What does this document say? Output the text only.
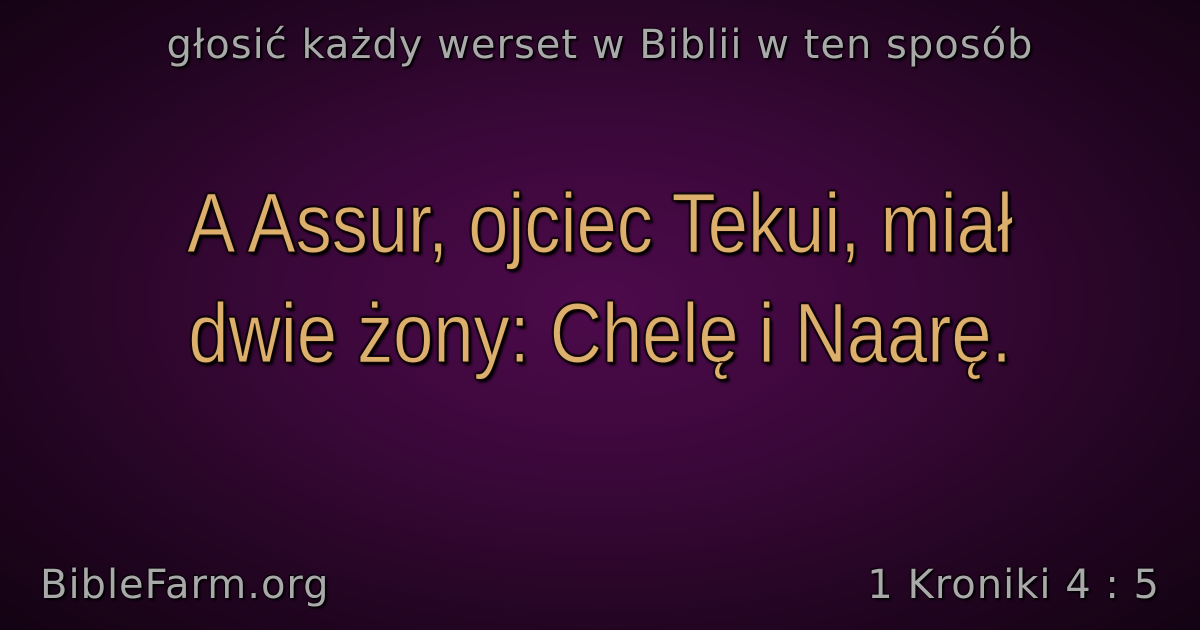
głosić każdy werset w Biblii w ten sposób
A Assur, ojciec Tekui, miał
dwie żony: Chelę i Naarę.
BibleFarm.org	1 Kroniki 4 : 5
